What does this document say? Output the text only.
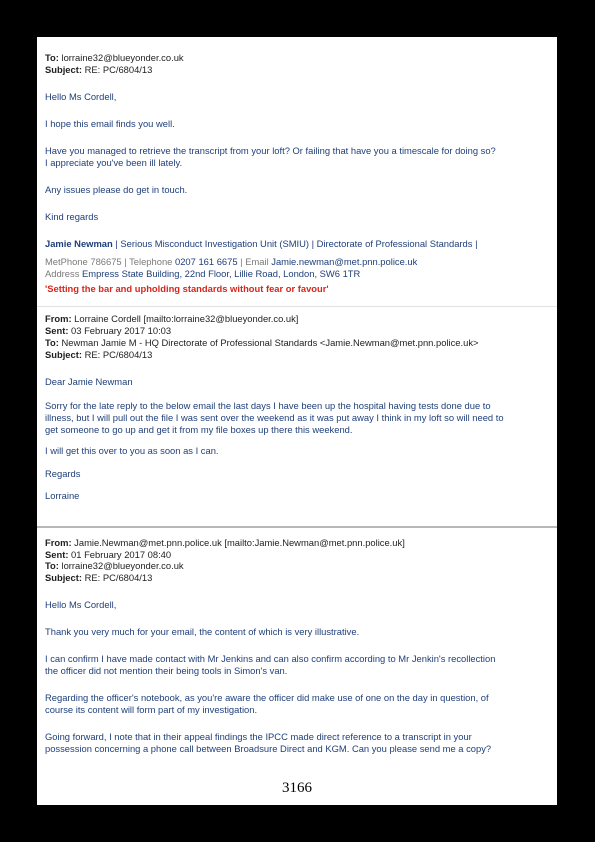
To: lorraine32@blueyonder.co.uk
Subject: RE: PC/6804/13
Hello Ms Cordell,
I hope this email finds you well.
Have you managed to retrieve the transcript from your loft? Or failing that have you a timescale for doing so?
I appreciate you've been ill lately.
Any issues please do get in touch.
Kind regards
Jamie Newman | Serious Misconduct Investigation Unit (SMIU) | Directorate of Professional Standards |
MetPhone 786675 | Telephone 0207 161 6675 | Email Jamie.newman@met.pnn.police.uk
Address Empress State Building, 22nd Floor, Lillie Road, London, SW6 1TR
'Setting the bar and upholding standards without fear or favour'
From: Lorraine Cordell [mailto:lorraine32@blueyonder.co.uk]
Sent: 03 February 2017 10:03
To: Newman Jamie M - HQ Directorate of Professional Standards <Jamie.Newman@met.pnn.police.uk>
Subject: RE: PC/6804/13
Dear Jamie Newman
Sorry for the late reply to the below email the last days I have been up the hospital having tests done due to
illness, but I will pull out the file I was sent over the weekend as it was put away I think in my loft so will need to
get someone to go up and get it from my file boxes up there this weekend.
I will get this over to you as soon as I can.
Regards
Lorraine
From: Jamie.Newman@met.pnn.police.uk [mailto:Jamie.Newman@met.pnn.police.uk]
Sent: 01 February 2017 08:40
To: lorraine32@blueyonder.co.uk
Subject: RE: PC/6804/13
Hello Ms Cordell,
Thank you very much for your email, the content of which is very illustrative.
I can confirm I have made contact with Mr Jenkins and can also confirm according to Mr Jenkin's recollection
the officer did not mention their being tools in Simon's van.
Regarding the officer's notebook, as you're aware the officer did make use of one on the day in question, of
course its content will form part of my investigation.
Going forward, I note that in their appeal findings the IPCC made direct reference to a transcript in your
possession concerning a phone call between Broadsure Direct and KGM. Can you please send me a copy?
3166
